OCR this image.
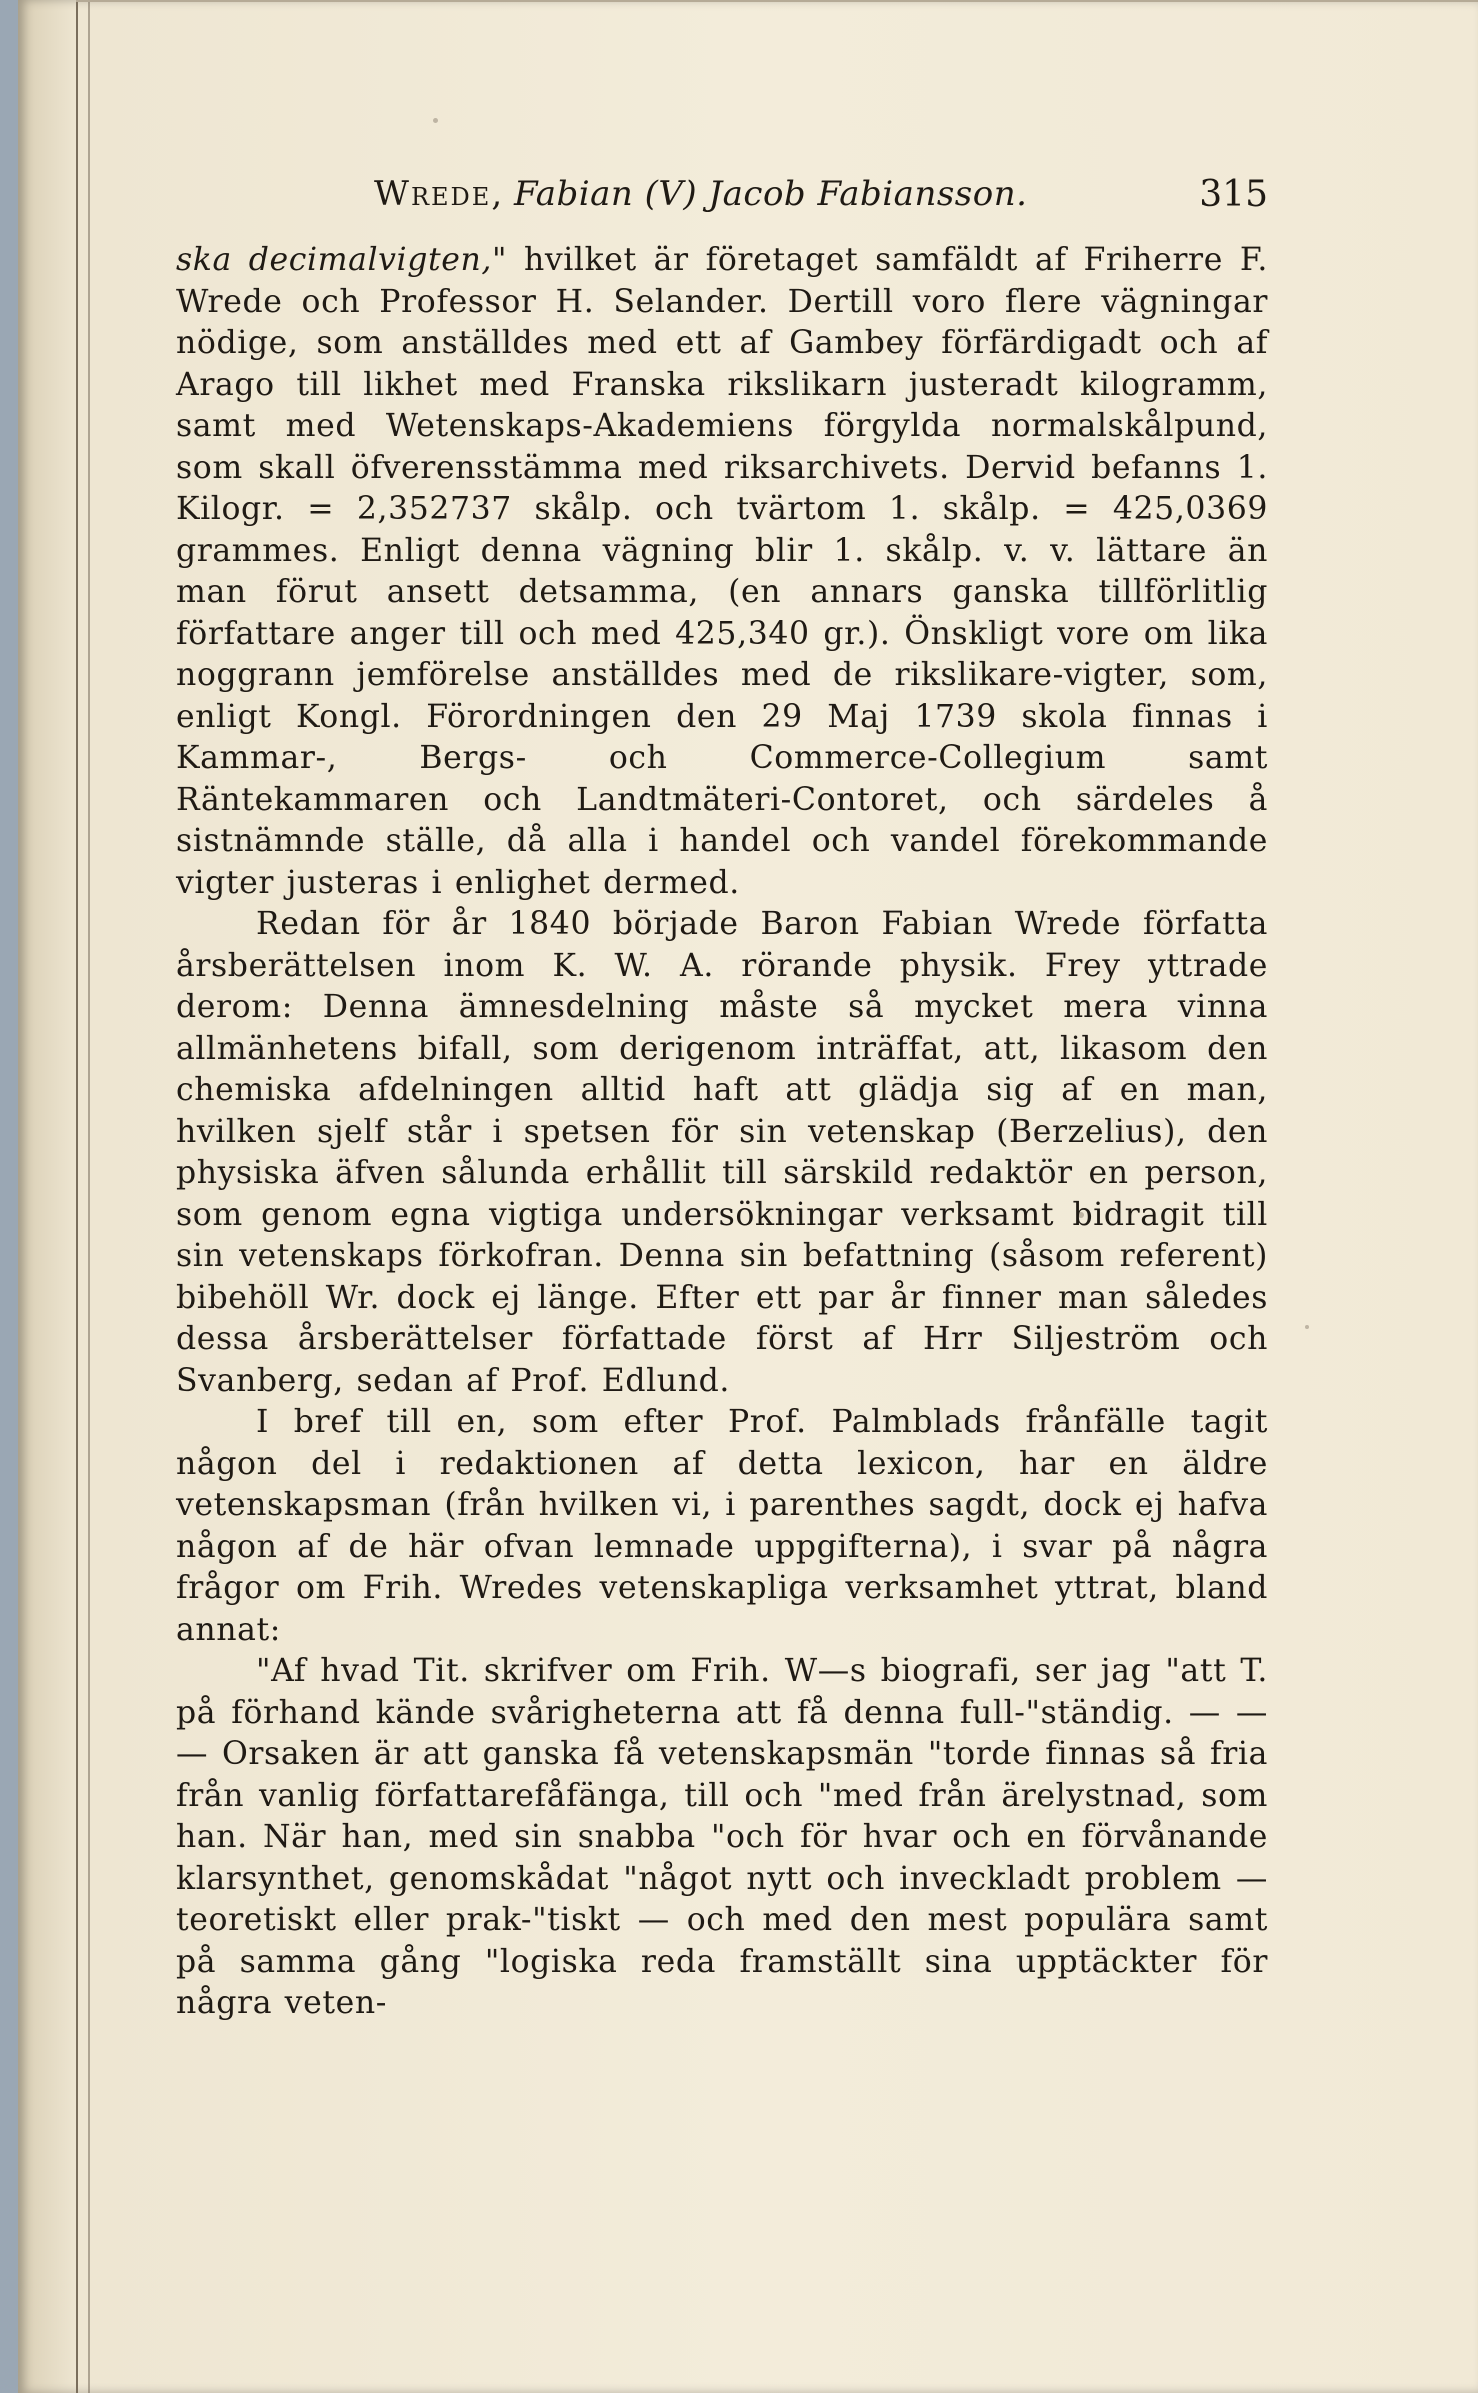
Wrede, Fabian (V) Jacob Fabiansson.	315

ska decimalvigten," hvilket är företaget samfäldt af Friherre F. Wrede och Professor H. Selander. Dertill voro flere vägningar nödige, som anställdes med ett af Gambey förfärdigadt och af Arago till likhet med Franska rikslikarn justeradt kilogramm, samt med Wetenskaps-Akademiens förgylda normalskålpund, som skall öfverensstämma med riksarchivets. Dervid befanns 1. Kilogr. = 2,352737 skålp. och tvärtom 1. skålp. = 425,0369 grammes. Enligt denna vägning blir 1. skålp. v. v. lättare än man förut ansett detsamma, (en annars ganska tillförlitlig författare anger till och med 425,340 gr.). Önskligt vore om lika noggrann jemförelse anställdes med de rikslikare-vigter, som, enligt Kongl. Förordningen den 29 Maj 1739 skola finnas i Kammar-, Bergs- och Commerce-Collegium samt Räntekammaren och Landtmäteri-Contoret, och särdeles å sistnämnde ställe, då alla i handel och vandel förekommande vigter justeras i enlighet dermed.

Redan för år 1840 började Baron Fabian Wrede författa årsberättelsen inom K. W. A. rörande physik. Frey yttrade derom: Denna ämnesdelning måste så mycket mera vinna allmänhetens bifall, som derigenom inträffat, att, likasom den chemiska afdelningen alltid haft att glädja sig af en man, hvilken sjelf står i spetsen för sin vetenskap (Berzelius), den physiska äfven sålunda erhållit till särskild redaktör en person, som genom egna vigtiga undersökningar verksamt bidragit till sin vetenskaps förkofran. Denna sin befattning (såsom referent) bibehöll Wr. dock ej länge. Efter ett par år finner man således dessa årsberättelser författade först af Hrr Siljeström och Svanberg, sedan af Prof. Edlund.

I bref till en, som efter Prof. Palmblads frånfälle tagit någon del i redaktionen af detta lexicon, har en äldre vetenskapsman (från hvilken vi, i parenthes sagdt, dock ej hafva någon af de här ofvan lemnade uppgifterna), i svar på några frågor om Frih. Wredes vetenskapliga verksamhet yttrat, bland annat:

"Af hvad Tit. skrifver om Frih. W—s biografi, ser jag "att T. på förhand kände svårigheterna att få denna full-"ständig. — — — Orsaken är att ganska få vetenskapsmän "torde finnas så fria från vanlig författarefåfänga, till och "med från ärelystnad, som han. När han, med sin snabba "och för hvar och en förvånande klarsynthet, genomskådat "något nytt och inveckladt problem — teoretiskt eller prak-"tiskt — och med den mest populära samt på samma gång "logiska reda framställt sina upptäckter för några veten-
